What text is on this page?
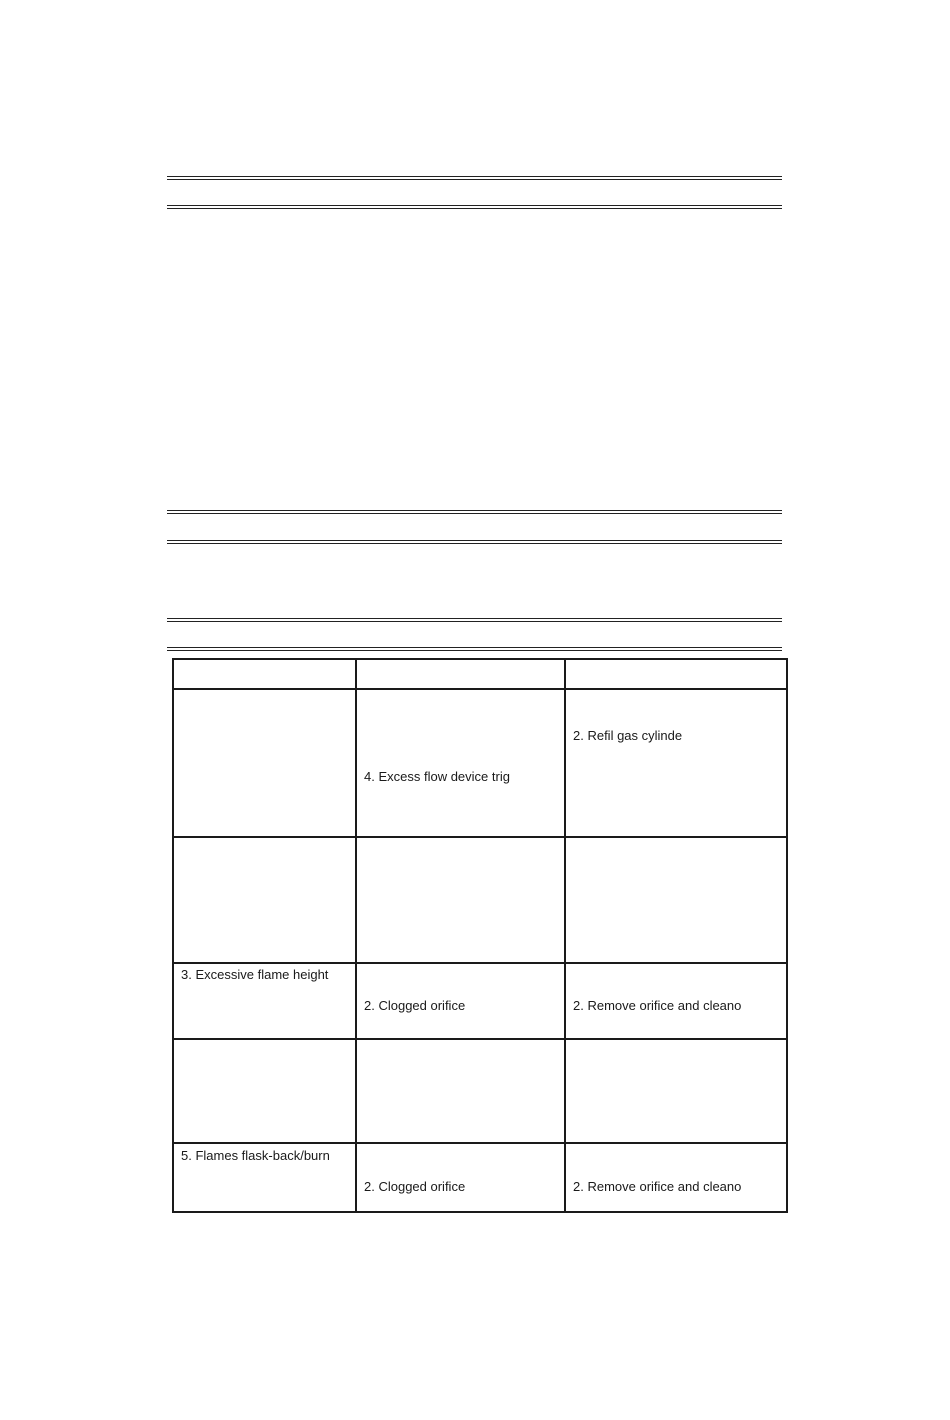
	4. Excess flow device trig	2. Refil gas cylinde

3. Excessive flame height	2. Clogged orifice	2. Remove orifice and cleano

5. Flames flask-back/burn	2. Clogged orifice	2. Remove orifice and cleano
